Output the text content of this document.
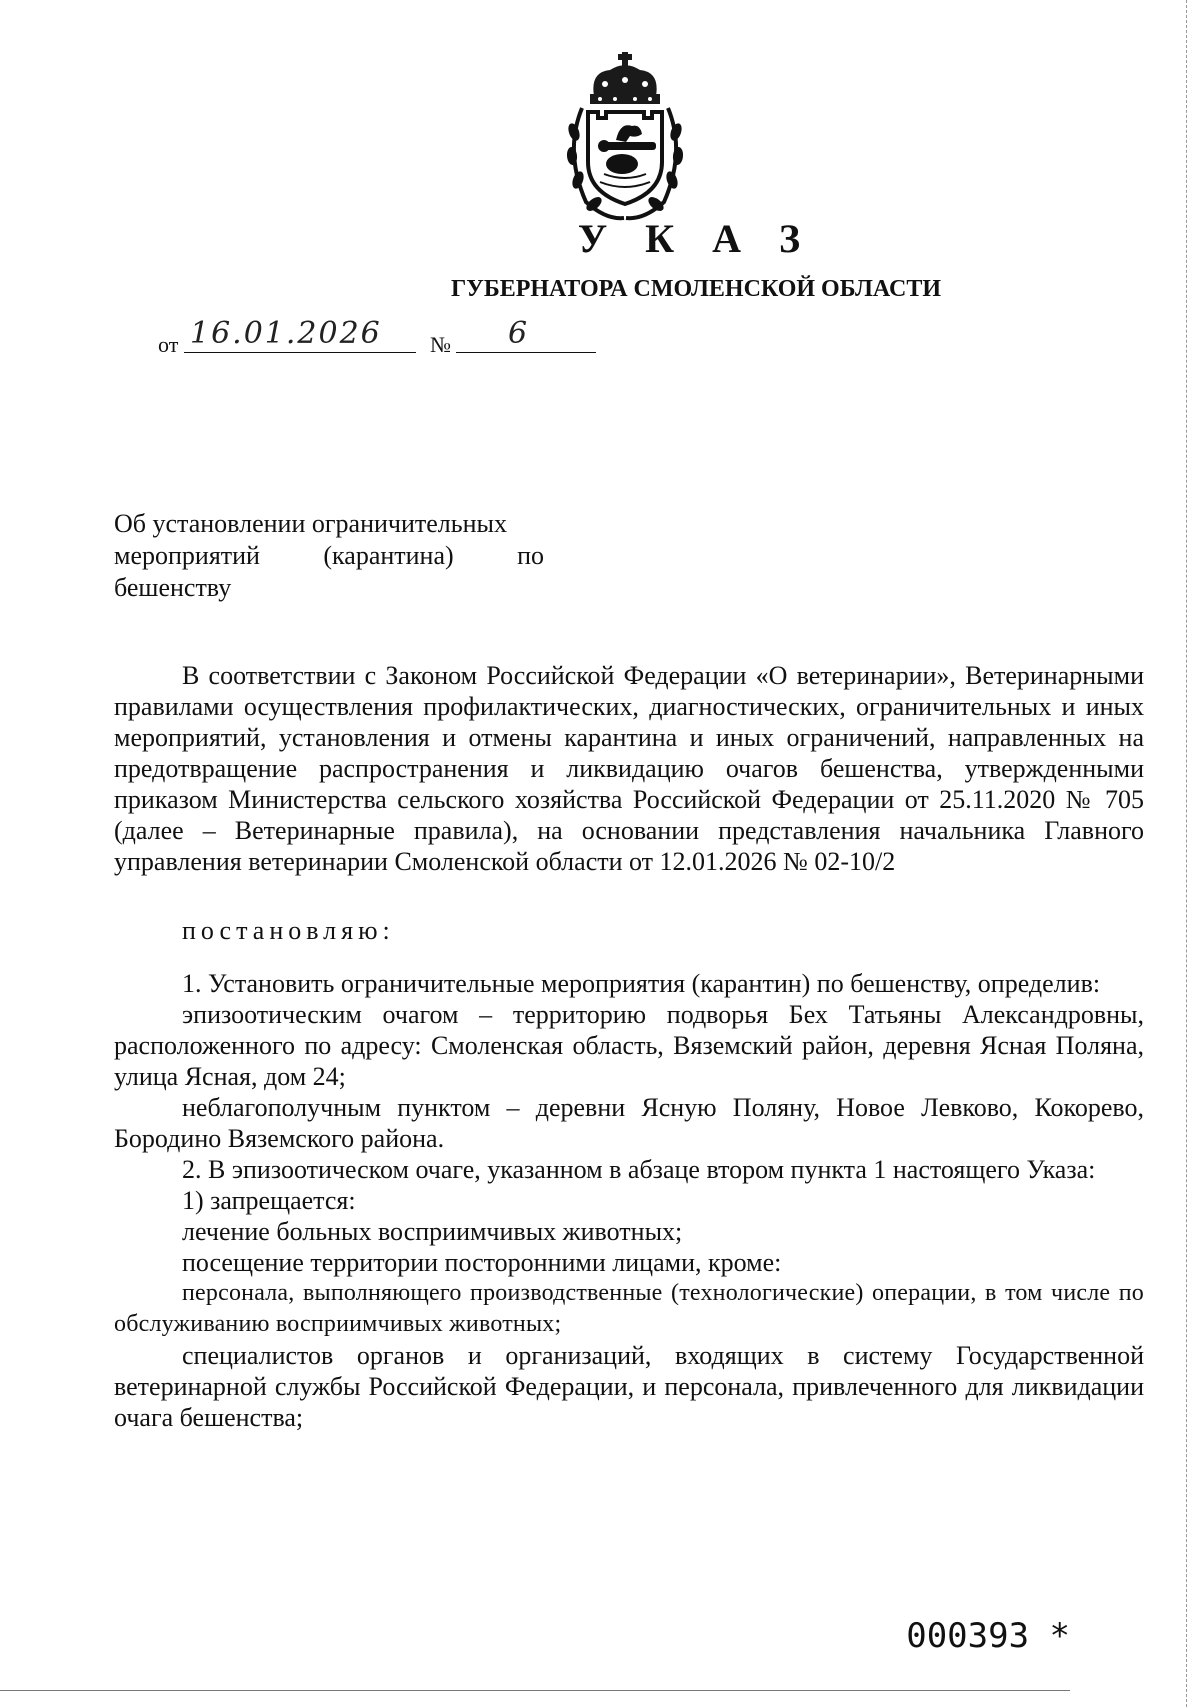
У К А З
ГУБЕРНАТОРА СМОЛЕНСКОЙ ОБЛАСТИ
от 16.01.2026 № 6
Об установлении ограничительных
мероприятий (карантина) по
бешенству

В соответствии с Законом Российской Федерации «О ветеринарии», Ветеринарными правилами осуществления профилактических, диагностических, ограничительных и иных мероприятий, установления и отмены карантина и иных ограничений, направленных на предотвращение распространения и ликвидацию очагов бешенства, утвержденными приказом Министерства сельского хозяйства Российской Федерации от 25.11.2020 № 705 (далее – Ветеринарные правила), на основании представления начальника Главного управления ветеринарии Смоленской области от 12.01.2026 № 02-10/2

постановляю:

1. Установить ограничительные мероприятия (карантин) по бешенству, определив:

эпизоотическим очагом – территорию подворья Бех Татьяны Александровны, расположенного по адресу: Смоленская область, Вяземский район, деревня Ясная Поляна, улица Ясная, дом 24;

неблагополучным пунктом – деревни Ясную Поляну, Новое Левково, Кокорево, Бородино Вяземского района.

2. В эпизоотическом очаге, указанном в абзаце втором пункта 1 настоящего Указа:

1) запрещается:

лечение больных восприимчивых животных;

посещение территории посторонними лицами, кроме:

персонала, выполняющего производственные (технологические) операции, в том числе по обслуживанию восприимчивых животных;

специалистов органов и организаций, входящих в систему Государственной ветеринарной службы Российской Федерации, и персонала, привлеченного для ликвидации очага бешенства;

000393 *
